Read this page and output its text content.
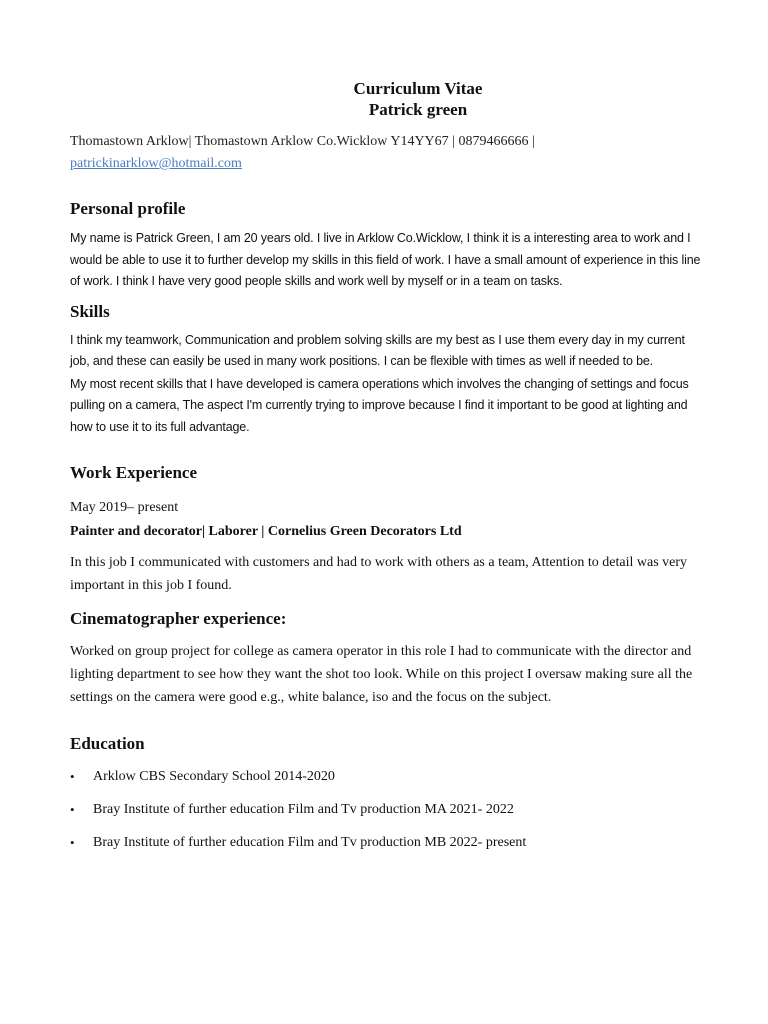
Curriculum Vitae

Patrick green

Thomastown Arklow| Thomastown Arklow Co.Wicklow Y14YY67 | 0879466666 |
patrickinarklow@hotmail.com

Personal profile

My name is Patrick Green, I am 20 years old. I live in Arklow Co.Wicklow, I think it is a interesting area to work and I would be able to use it to further develop my skills in this field of work. I have a small amount of experience in this line of work. I think I have very good people skills and work well by myself or in a team on tasks.

Skills

I think my teamwork, Communication and problem solving skills are my best as I use them every day in my current job, and these can easily be used in many work positions. I can be flexible with times as well if needed to be.

My most recent skills that I have developed is camera operations which involves the changing of settings and focus pulling on a camera, The aspect I'm currently trying to improve because I find it important to be good at lighting and how to use it to its full advantage.

Work Experience

May 2019– present

Painter and decorator| Laborer | Cornelius Green Decorators Ltd

In this job I communicated with customers and had to work with others as a team, Attention to detail was very important in this job I found.

Cinematographer experience:

Worked on group project for college as camera operator in this role I had to communicate with the director and lighting department to see how they want the shot too look. While on this project I oversaw making sure all the settings on the camera were good e.g., white balance, iso and the focus on the subject.

Education
• Arklow CBS Secondary School 2014-2020
• Bray Institute of further education Film and Tv production MA 2021- 2022
• Bray Institute of further education Film and Tv production MB 2022- present
